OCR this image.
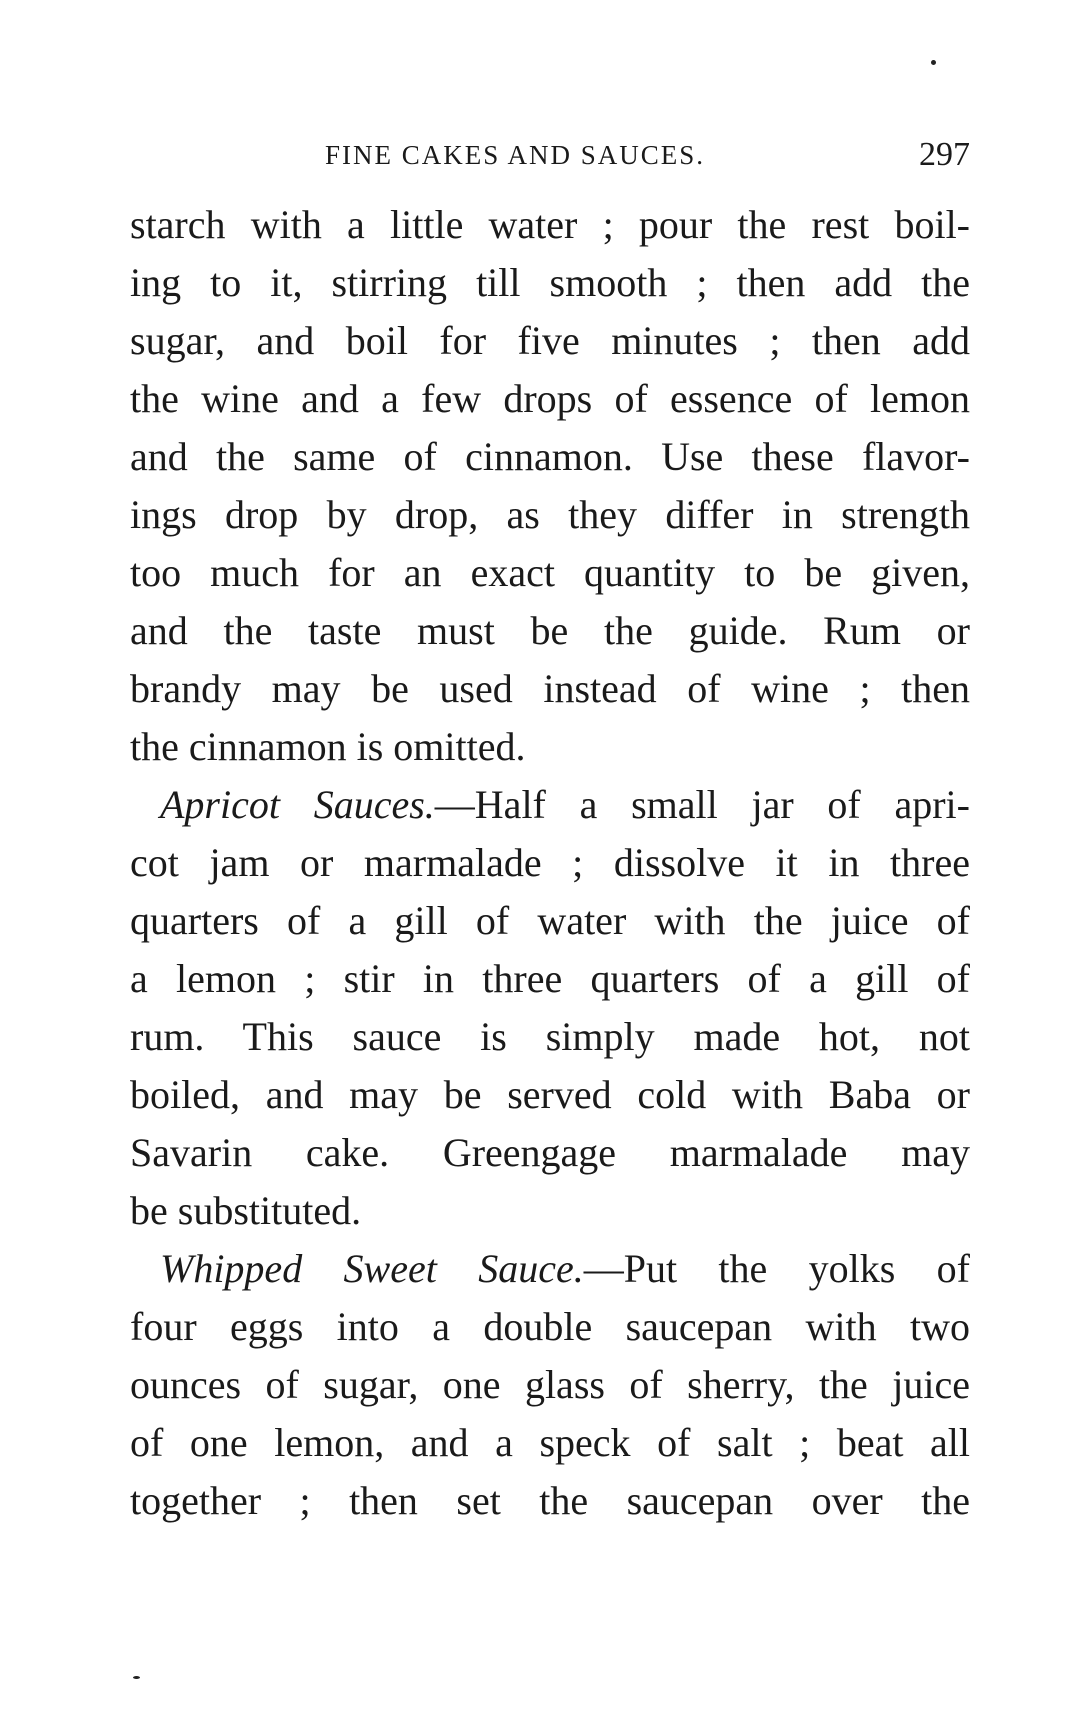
FINE CAKES AND SAUCES.	297

starch with a little water ; pour the rest boil-
ing to it, stirring till smooth ; then add the
sugar, and boil for five minutes ; then add
the wine and a few drops of essence of lemon
and the same of cinnamon. Use these flavor-
ings drop by drop, as they differ in strength
too much for an exact quantity to be given,
and the taste must be the guide. Rum or
brandy may be used instead of wine ; then
the cinnamon is omitted.

Apricot Sauces.—Half a small jar of apri-
cot jam or marmalade ; dissolve it in three
quarters of a gill of water with the juice of
a lemon ; stir in three quarters of a gill of
rum. This sauce is simply made hot, not
boiled, and may be served cold with Baba or
Savarin cake. Greengage marmalade may
be substituted.

Whipped Sweet Sauce.—Put the yolks of
four eggs into a double saucepan with two
ounces of sugar, one glass of sherry, the juice
of one lemon, and a speck of salt ; beat all
together ; then set the saucepan over the
